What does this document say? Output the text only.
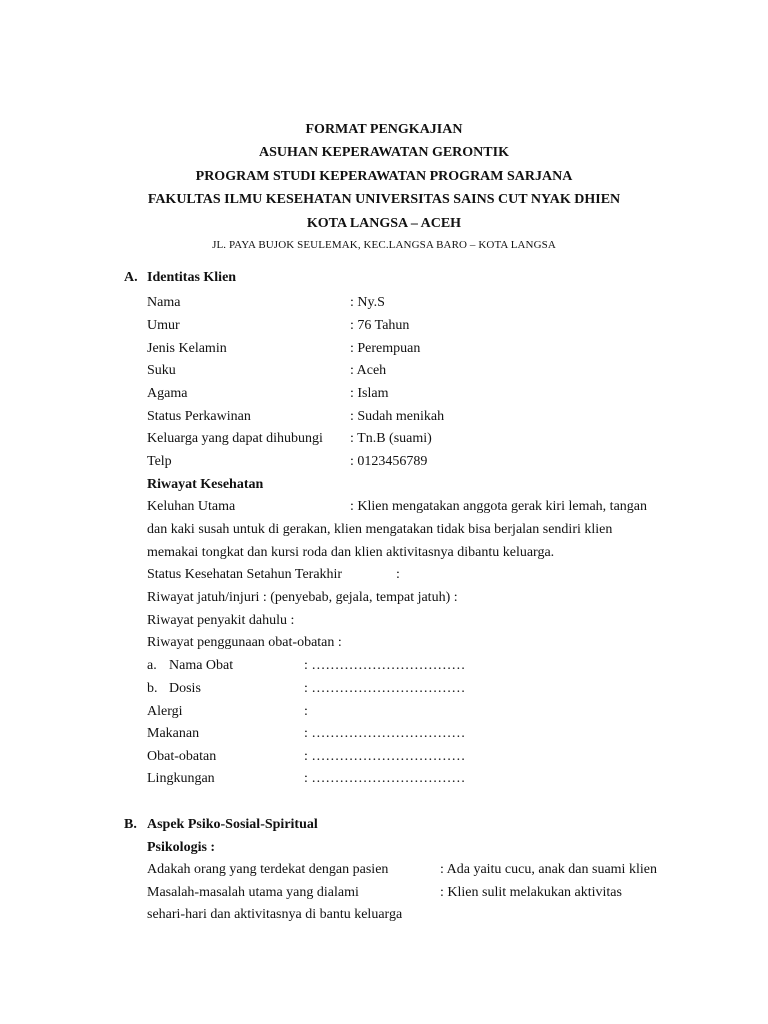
FORMAT PENGKAJIAN
ASUHAN KEPERAWATAN GERONTIK
PROGRAM STUDI KEPERAWATAN PROGRAM SARJANA
FAKULTAS ILMU KESEHATAN UNIVERSITAS SAINS CUT NYAK DHIEN
KOTA LANGSA – ACEH
JL. PAYA BUJOK SEULEMAK, KEC.LANGSA BARO – KOTA LANGSA
A. Identitas Klien
Nama	: Ny.S
Umur	: 76 Tahun
Jenis Kelamin	: Perempuan
Suku	: Aceh
Agama	: Islam
Status Perkawinan	: Sudah menikah
Keluarga yang dapat dihubungi : Tn.B (suami)
Telp	: 0123456789
Riwayat Kesehatan
Keluhan Utama	: Klien mengatakan anggota gerak kiri lemah, tangan
dan kaki susah untuk di gerakan, klien mengatakan tidak bisa berjalan sendiri klien
memakai tongkat dan kursi roda dan klien aktivitasnya dibantu keluarga.
Status Kesehatan Setahun Terakhir	:
Riwayat jatuh/injuri : (penyebab, gejala, tempat jatuh) :
Riwayat penyakit dahulu :
Riwayat penggunaan obat-obatan :
a. Nama Obat	: ……………………………
b. Dosis	: ……………………………
Alergi	:
Makanan	: ……………………………
Obat-obatan	: ……………………………
Lingkungan	: ……………………………
B. Aspek Psiko-Sosial-Spiritual
Psikologis :
Adakah orang yang terdekat dengan pasien	: Ada yaitu cucu, anak dan suami klien
Masalah-masalah utama yang dialami	: Klien sulit melakukan aktivitas
sehari-hari dan aktivitasnya di bantu keluarga
